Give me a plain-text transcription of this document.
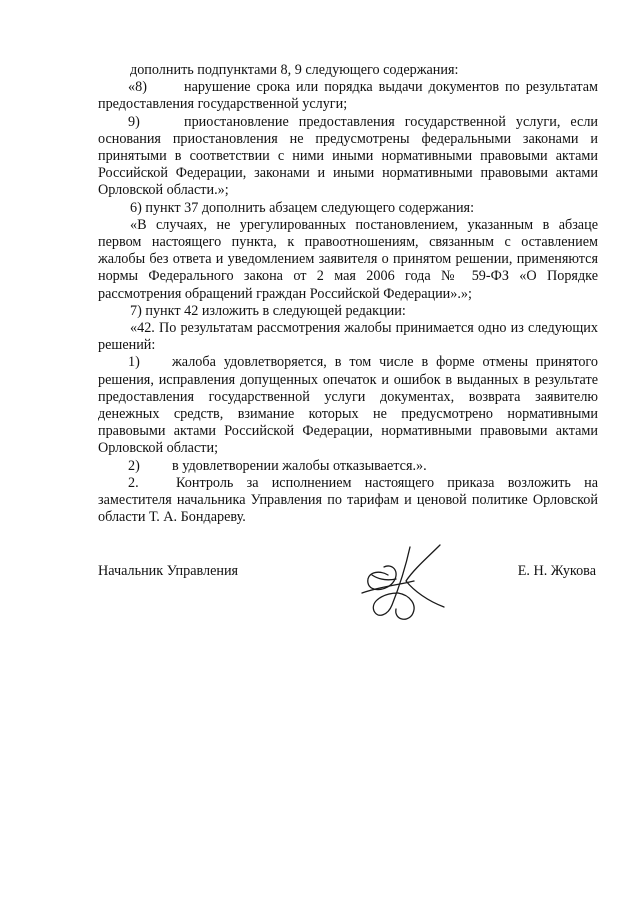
дополнить подпунктами 8, 9 следующего содержания:

«8)	нарушение срока или порядка выдачи документов по результатам предоставления государственной услуги;

9)	приостановление предоставления государственной услуги, если основания приостановления не предусмотрены федеральными законами и принятыми в соответствии с ними иными нормативными правовыми актами Российской Федерации, законами и иными нормативными правовыми актами Орловской области.»;

6) пункт 37 дополнить абзацем следующего содержания:

«В случаях, не урегулированных постановлением, указанным в абзаце первом настоящего пункта, к правоотношениям, связанным с оставлением жалобы без ответа и уведомлением заявителя о принятом решении, применяются нормы Федерального закона от 2 мая 2006 года № 59-ФЗ «О Порядке рассмотрения обращений граждан Российской Федерации».»;

7) пункт 42 изложить в следующей редакции:

«42. По результатам рассмотрения жалобы принимается одно из следующих решений:

1) жалоба удовлетворяется, в том числе в форме отмены принятого решения, исправления допущенных опечаток и ошибок в выданных в результате предоставления государственной услуги документах, возврата заявителю денежных средств, взимание которых не предусмотрено нормативными правовыми актами Российской Федерации, нормативными правовыми актами Орловской области;

2) в удовлетворении жалобы отказывается.».

2.	Контроль за исполнением настоящего приказа возложить на заместителя начальника Управления по тарифам и ценовой политике Орловской области Т. А. Бондареву.

Начальник Управления	Е. Н. Жукова
